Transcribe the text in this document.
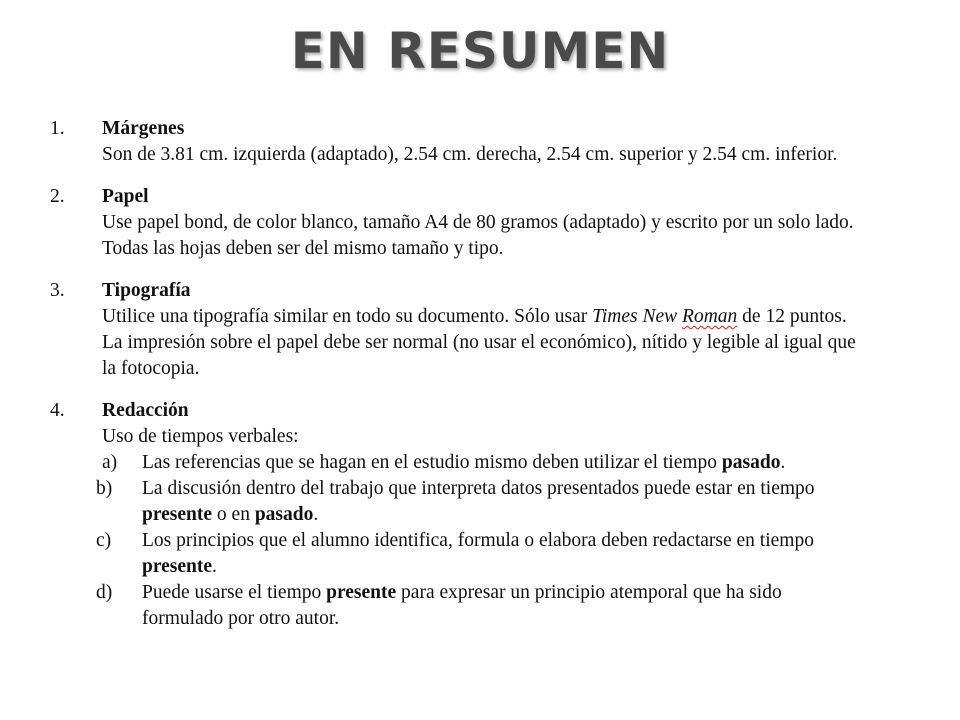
EN RESUMEN
1. Márgenes
Son de 3.81 cm. izquierda (adaptado), 2.54 cm. derecha, 2.54 cm. superior y 2.54 cm. inferior.
2. Papel
Use papel bond, de color blanco, tamaño A4 de 80 gramos (adaptado) y escrito por un solo lado. Todas las hojas deben ser del mismo tamaño y tipo.
3. Tipografía
Utilice una tipografía similar en todo su documento. Sólo usar Times New Roman de 12 puntos. La impresión sobre el papel debe ser normal (no usar el económico), nítido y legible al igual que la fotocopia.
4. Redacción
Uso de tiempos verbales:
a) Las referencias que se hagan en el estudio mismo deben utilizar el tiempo pasado.
b) La discusión dentro del trabajo que interpreta datos presentados puede estar en tiempo presente o en pasado.
c) Los principios que el alumno identifica, formula o elabora deben redactarse en tiempo presente.
d) Puede usarse el tiempo presente para expresar un principio atemporal que ha sido formulado por otro autor.
